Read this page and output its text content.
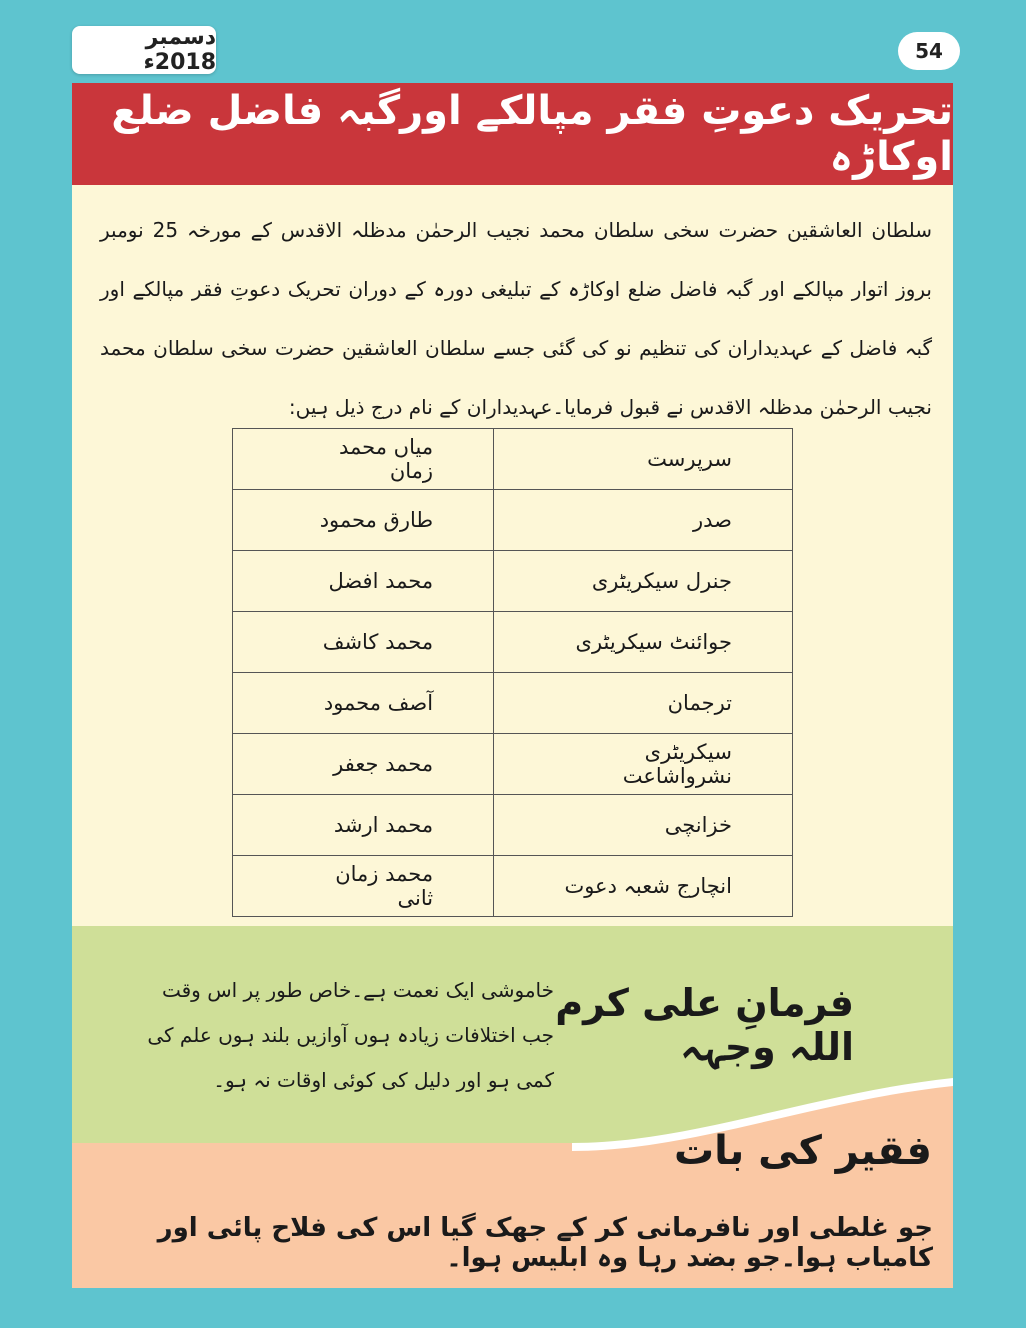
دسمبر 2018ء	54
تحریک دعوتِ فقر مپالکے اورگبہ فاضل ضلع اوکاڑہ
سلطان العاشقین حضرت سخی سلطان محمد نجیب الرحمٰن مدظلہ الاقدس کے مورخہ 25 نومبر بروز اتوار مپالکے اور گبہ فاضل ضلع اوکاڑہ کے تبلیغی دورہ کے دوران تحریک دعوتِ فقر مپالکے اور گبہ فاضل کے عہدیداران کی تنظیم نو کی گئی جسے سلطان العاشقین حضرت سخی سلطان محمد نجیب الرحمٰن مدظلہ الاقدس نے قبول فرمایا۔عہدیداران کے نام درج ذیل ہیں:
سرپرست	میاں محمد زمان
صدر	طارق محمود
جنرل سیکریٹری	محمد افضل
جوائنٹ سیکریٹری	محمد کاشف
ترجمان	آصف محمود
سیکریٹری نشرواشاعت	محمد جعفر
خزانچی	محمد ارشد
انچارج شعبہ دعوت	محمد زمان ثانی
فرمانِ علی کرم اللہ وجہہ
خاموشی ایک نعمت ہے۔خاص طور پر اس وقت جب اختلافات زیادہ ہوں آوازیں بلند ہوں علم کی کمی ہو اور دلیل کی کوئی اوقات نہ ہو۔
فقیر کی بات
جو غلطی اور نافرمانی کر کے جھک گیا اس کی فلاح پائی اور کامیاب ہوا۔جو بضد رہا وہ ابلیس ہوا۔
